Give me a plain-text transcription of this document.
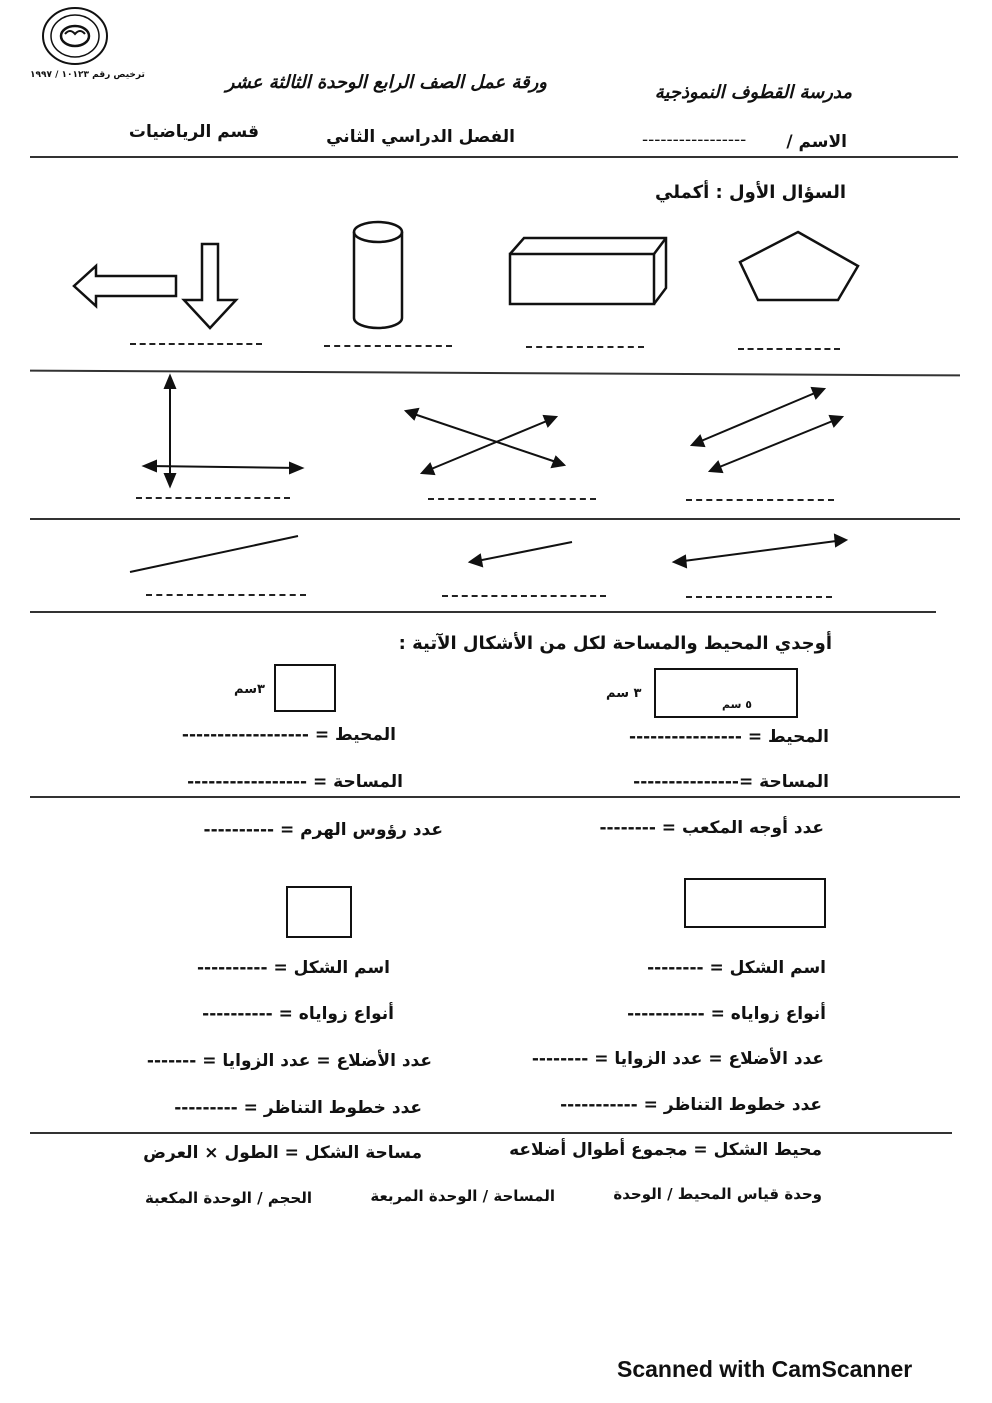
ترخيص رقم ١٠١٢٣ / ١٩٩٧
مدرسة القطوف النموذجية
ورقة عمل الصف الرابع الوحدة الثالثة عشر
الاسم /
-----------------
الفصل الدراسي الثاني
قسم الرياضيات
السؤال الأول : أكملي
أوجدي المحيط والمساحة لكل من الأشكال الآتية :
٣ سم
٥ سم
٣سم
المحيط = ----------------
المحيط = ------------------
المساحة =---------------
المساحة = -----------------
عدد أوجه المكعب = --------
عدد رؤوس الهرم = ----------
اسم الشكل = --------
اسم الشكل = ----------
أنواع زواياه = -----------
أنواع زواياه = ----------
عدد الأضلاع = عدد الزوايا = --------
عدد الأضلاع = عدد الزوايا = -------
عدد خطوط التناظر = -----------
عدد خطوط التناظر = ---------
محيط الشكل = مجموع أطوال أضلاعه
مساحة الشكل = الطول × العرض
وحدة قياس المحيط / الوحدة
المساحة / الوحدة المربعة
الحجم / الوحدة المكعبة
Scanned with CamScanner
